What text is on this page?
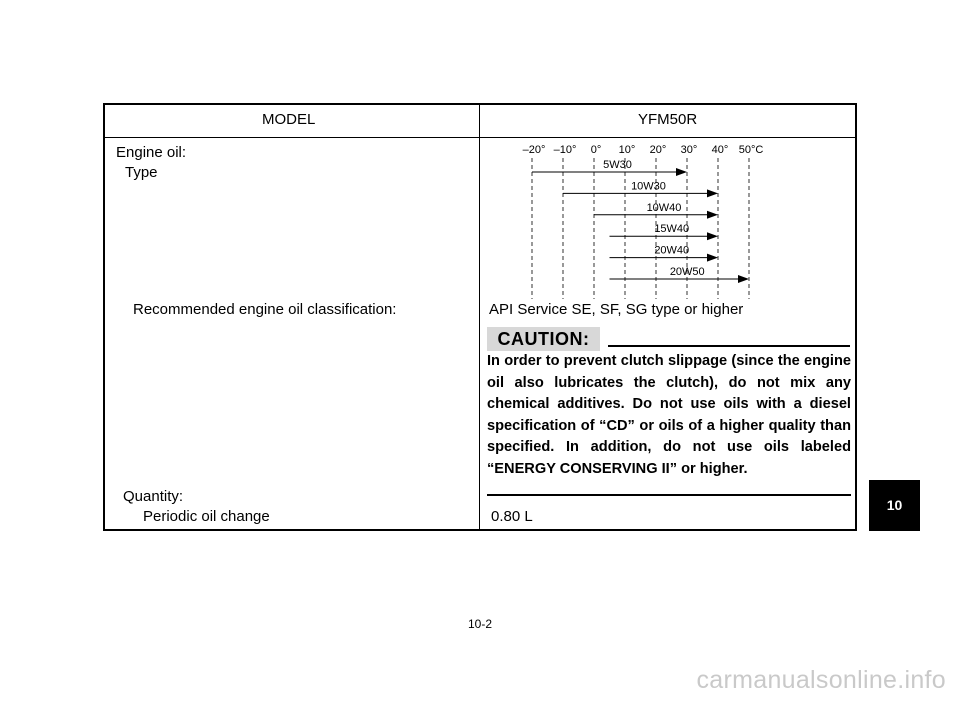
MODEL	YFM50R
Engine oil:
Type
–20° –10° 0° 10° 20° 30° 40° 50°C
5W30
10W30
10W40
15W40
20W40
20W50
Recommended engine oil classification:	API Service SE, SF, SG type or higher
CAUTION:
In order to prevent clutch slippage (since the engine oil also lubricates the clutch), do not mix any chemical additives. Do not use oils with a diesel specification of “CD” or oils of a higher quality than specified. In addition, do not use oils labeled “ENERGY CONSERVING II” or higher.
Quantity:
Periodic oil change	0.80 L
10
10-2
carmanualsonline.info
